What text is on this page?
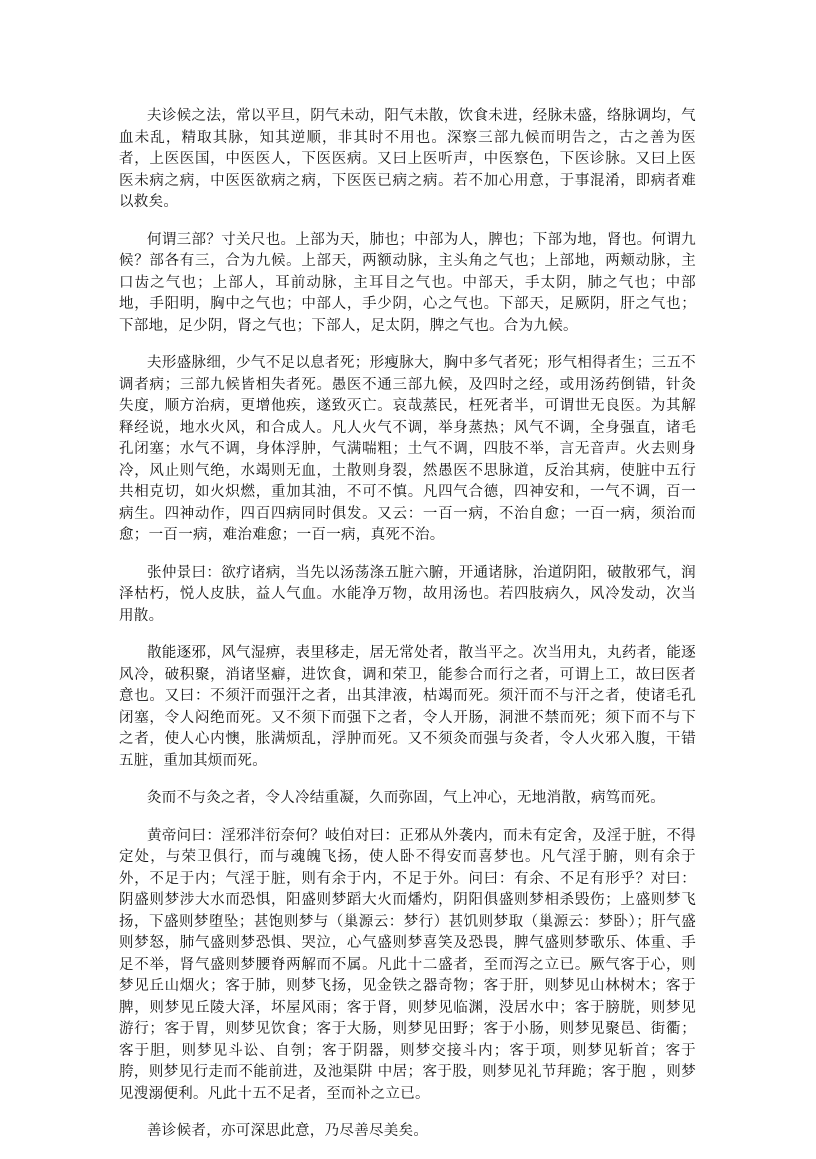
夫诊候之法，常以平旦，阴气未动，阳气未散，饮食未进，经脉未盛，络脉调均，气血未乱，精取其脉，知其逆顺，非其时不用也。深察三部九候而明告之，古之善为医者，上医医国，中医医人，下医医病。又曰上医听声，中医察色，下医诊脉。又曰上医医未病之病，中医医欲病之病，下医医已病之病。若不加心用意，于事混淆，即病者难以救矣。

何谓三部？寸关尺也。上部为天，肺也；中部为人，脾也；下部为地，肾也。何谓九候？部各有三，合为九候。上部天，两额动脉，主头角之气也；上部地，两颊动脉，主口齿之气也；上部人，耳前动脉，主耳目之气也。中部天，手太阴，肺之气也；中部地，手阳明，胸中之气也；中部人，手少阴，心之气也。下部天，足厥阴，肝之气也；下部地，足少阴，肾之气也；下部人，足太阴，脾之气也。合为九候。

夫形盛脉细，少气不足以息者死；形瘦脉大，胸中多气者死；形气相得者生；三五不调者病；三部九候皆相失者死。愚医不通三部九候，及四时之经，或用汤药倒错，针灸失度，顺方治病，更增他疾，遂致灭亡。哀哉蒸民，枉死者半，可谓世无良医。为其解释经说，地水火风，和合成人。凡人火气不调，举身蒸热；风气不调，全身强直，诸毛孔闭塞；水气不调，身体浮肿，气满喘粗；土气不调，四肢不举，言无音声。火去则身冷，风止则气绝，水竭则无血，土散则身裂，然愚医不思脉道，反治其病，使脏中五行共相克切，如火炽燃，重加其油，不可不慎。凡四气合德，四神安和，一气不调，百一病生。四神动作，四百四病同时俱发。又云：一百一病，不治自愈；一百一病，须治而愈；一百一病，难治难愈；一百一病，真死不治。

张仲景曰：欲疗诸病，当先以汤荡涤五脏六腑，开通诸脉，治道阴阳，破散邪气，润泽枯朽，悦人皮肤，益人气血。水能净万物，故用汤也。若四肢病久，风冷发动，次当用散。

散能逐邪，风气湿痹，表里移走，居无常处者，散当平之。次当用丸，丸药者，能逐风冷，破积聚，消诸坚癖，进饮食，调和荣卫，能参合而行之者，可谓上工，故曰医者意也。又曰：不须汗而强汗之者，出其津液，枯竭而死。须汗而不与汗之者，使诸毛孔闭塞，令人闷绝而死。又不须下而强下之者，令人开肠，洞泄不禁而死；须下而不与下之者，使人心内懊，胀满烦乱，浮肿而死。又不须灸而强与灸者，令人火邪入腹，干错五脏，重加其烦而死。

灸而不与灸之者，令人冷结重凝，久而弥固，气上冲心，无地消散，病笃而死。

黄帝问曰：淫邪泮衍奈何？岐伯对曰：正邪从外袭内，而未有定舍，及淫于脏，不得定处，与荣卫俱行，而与魂魄飞扬，使人卧不得安而喜梦也。凡气淫于腑，则有余于外，不足于内；气淫于脏，则有余于内，不足于外。问曰：有余、不足有形乎？对曰：阴盛则梦涉大水而恐惧，阳盛则梦蹈大火而燔灼，阴阳俱盛则梦相杀毁伤；上盛则梦飞扬，下盛则梦堕坠；甚饱则梦与（巢源云：梦行）甚饥则梦取（巢源云：梦卧）；肝气盛则梦怒，肺气盛则梦恐惧、哭泣，心气盛则梦喜笑及恐畏，脾气盛则梦歌乐、体重、手足不举，肾气盛则梦腰脊两解而不属。凡此十二盛者，至而泻之立已。厥气客于心，则梦见丘山烟火；客于肺，则梦飞扬，见金铁之器奇物；客于肝，则梦见山林树木；客于脾，则梦见丘陵大泽，坏屋风雨；客于肾，则梦见临渊，没居水中；客于膀胱，则梦见游行；客于胃，则梦见饮食；客于大肠，则梦见田野；客于小肠，则梦见聚邑、街衢；客于胆，则梦见斗讼、自刳；客于阴器，则梦交接斗内；客于项，则梦见斩首；客于胯，则梦见行走而不能前进，及池渠阱 中居；客于股，则梦见礼节拜跪；客于胞 ，则梦见溲溺便利。凡此十五不足者，至而补之立已。

善诊候者，亦可深思此意，乃尽善尽美矣。
